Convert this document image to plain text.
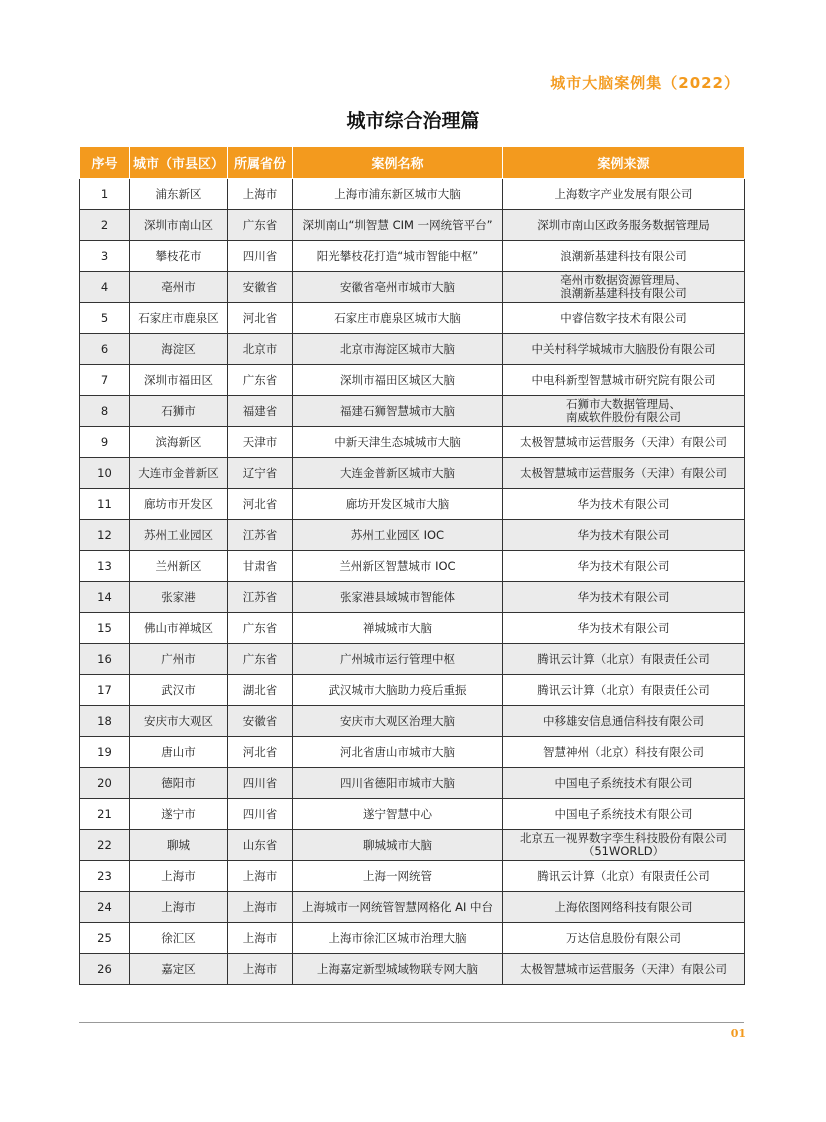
城市大脑案例集（2022）
城市综合治理篇
序号	城市（市县区）	所属省份	案例名称	案例来源
1	浦东新区	上海市	上海市浦东新区城市大脑	上海数字产业发展有限公司
2	深圳市南山区	广东省	深圳南山“圳智慧 CIM 一网统管平台”	深圳市南山区政务服务数据管理局
3	攀枝花市	四川省	阳光攀枝花打造“城市智能中枢”	浪潮新基建科技有限公司
4	亳州市	安徽省	安徽省亳州市城市大脑	亳州市数据资源管理局、
浪潮新基建科技有限公司
5	石家庄市鹿泉区	河北省	石家庄市鹿泉区城市大脑	中睿信数字技术有限公司
6	海淀区	北京市	北京市海淀区城市大脑	中关村科学城城市大脑股份有限公司
7	深圳市福田区	广东省	深圳市福田区城区大脑	中电科新型智慧城市研究院有限公司
8	石狮市	福建省	福建石狮智慧城市大脑	石狮市大数据管理局、
南威软件股份有限公司
9	滨海新区	天津市	中新天津生态城城市大脑	太极智慧城市运营服务（天津）有限公司
10	大连市金普新区	辽宁省	大连金普新区城市大脑	太极智慧城市运营服务（天津）有限公司
11	廊坊市开发区	河北省	廊坊开发区城市大脑	华为技术有限公司
12	苏州工业园区	江苏省	苏州工业园区 IOC	华为技术有限公司
13	兰州新区	甘肃省	兰州新区智慧城市 IOC	华为技术有限公司
14	张家港	江苏省	张家港县域城市智能体	华为技术有限公司
15	佛山市禅城区	广东省	禅城城市大脑	华为技术有限公司
16	广州市	广东省	广州城市运行管理中枢	腾讯云计算（北京）有限责任公司
17	武汉市	湖北省	武汉城市大脑助力疫后重振	腾讯云计算（北京）有限责任公司
18	安庆市大观区	安徽省	安庆市大观区治理大脑	中移雄安信息通信科技有限公司
19	唐山市	河北省	河北省唐山市城市大脑	智慧神州（北京）科技有限公司
20	德阳市	四川省	四川省德阳市城市大脑	中国电子系统技术有限公司
21	遂宁市	四川省	遂宁智慧中心	中国电子系统技术有限公司
22	聊城	山东省	聊城城市大脑	北京五一视界数字孪生科技股份有限公司
（51WORLD）
23	上海市	上海市	上海一网统管	腾讯云计算（北京）有限责任公司
24	上海市	上海市	上海城市一网统管智慧网格化 AI 中台	上海依图网络科技有限公司
25	徐汇区	上海市	上海市徐汇区城市治理大脑	万达信息股份有限公司
26	嘉定区	上海市	上海嘉定新型城域物联专网大脑	太极智慧城市运营服务（天津）有限公司
01
